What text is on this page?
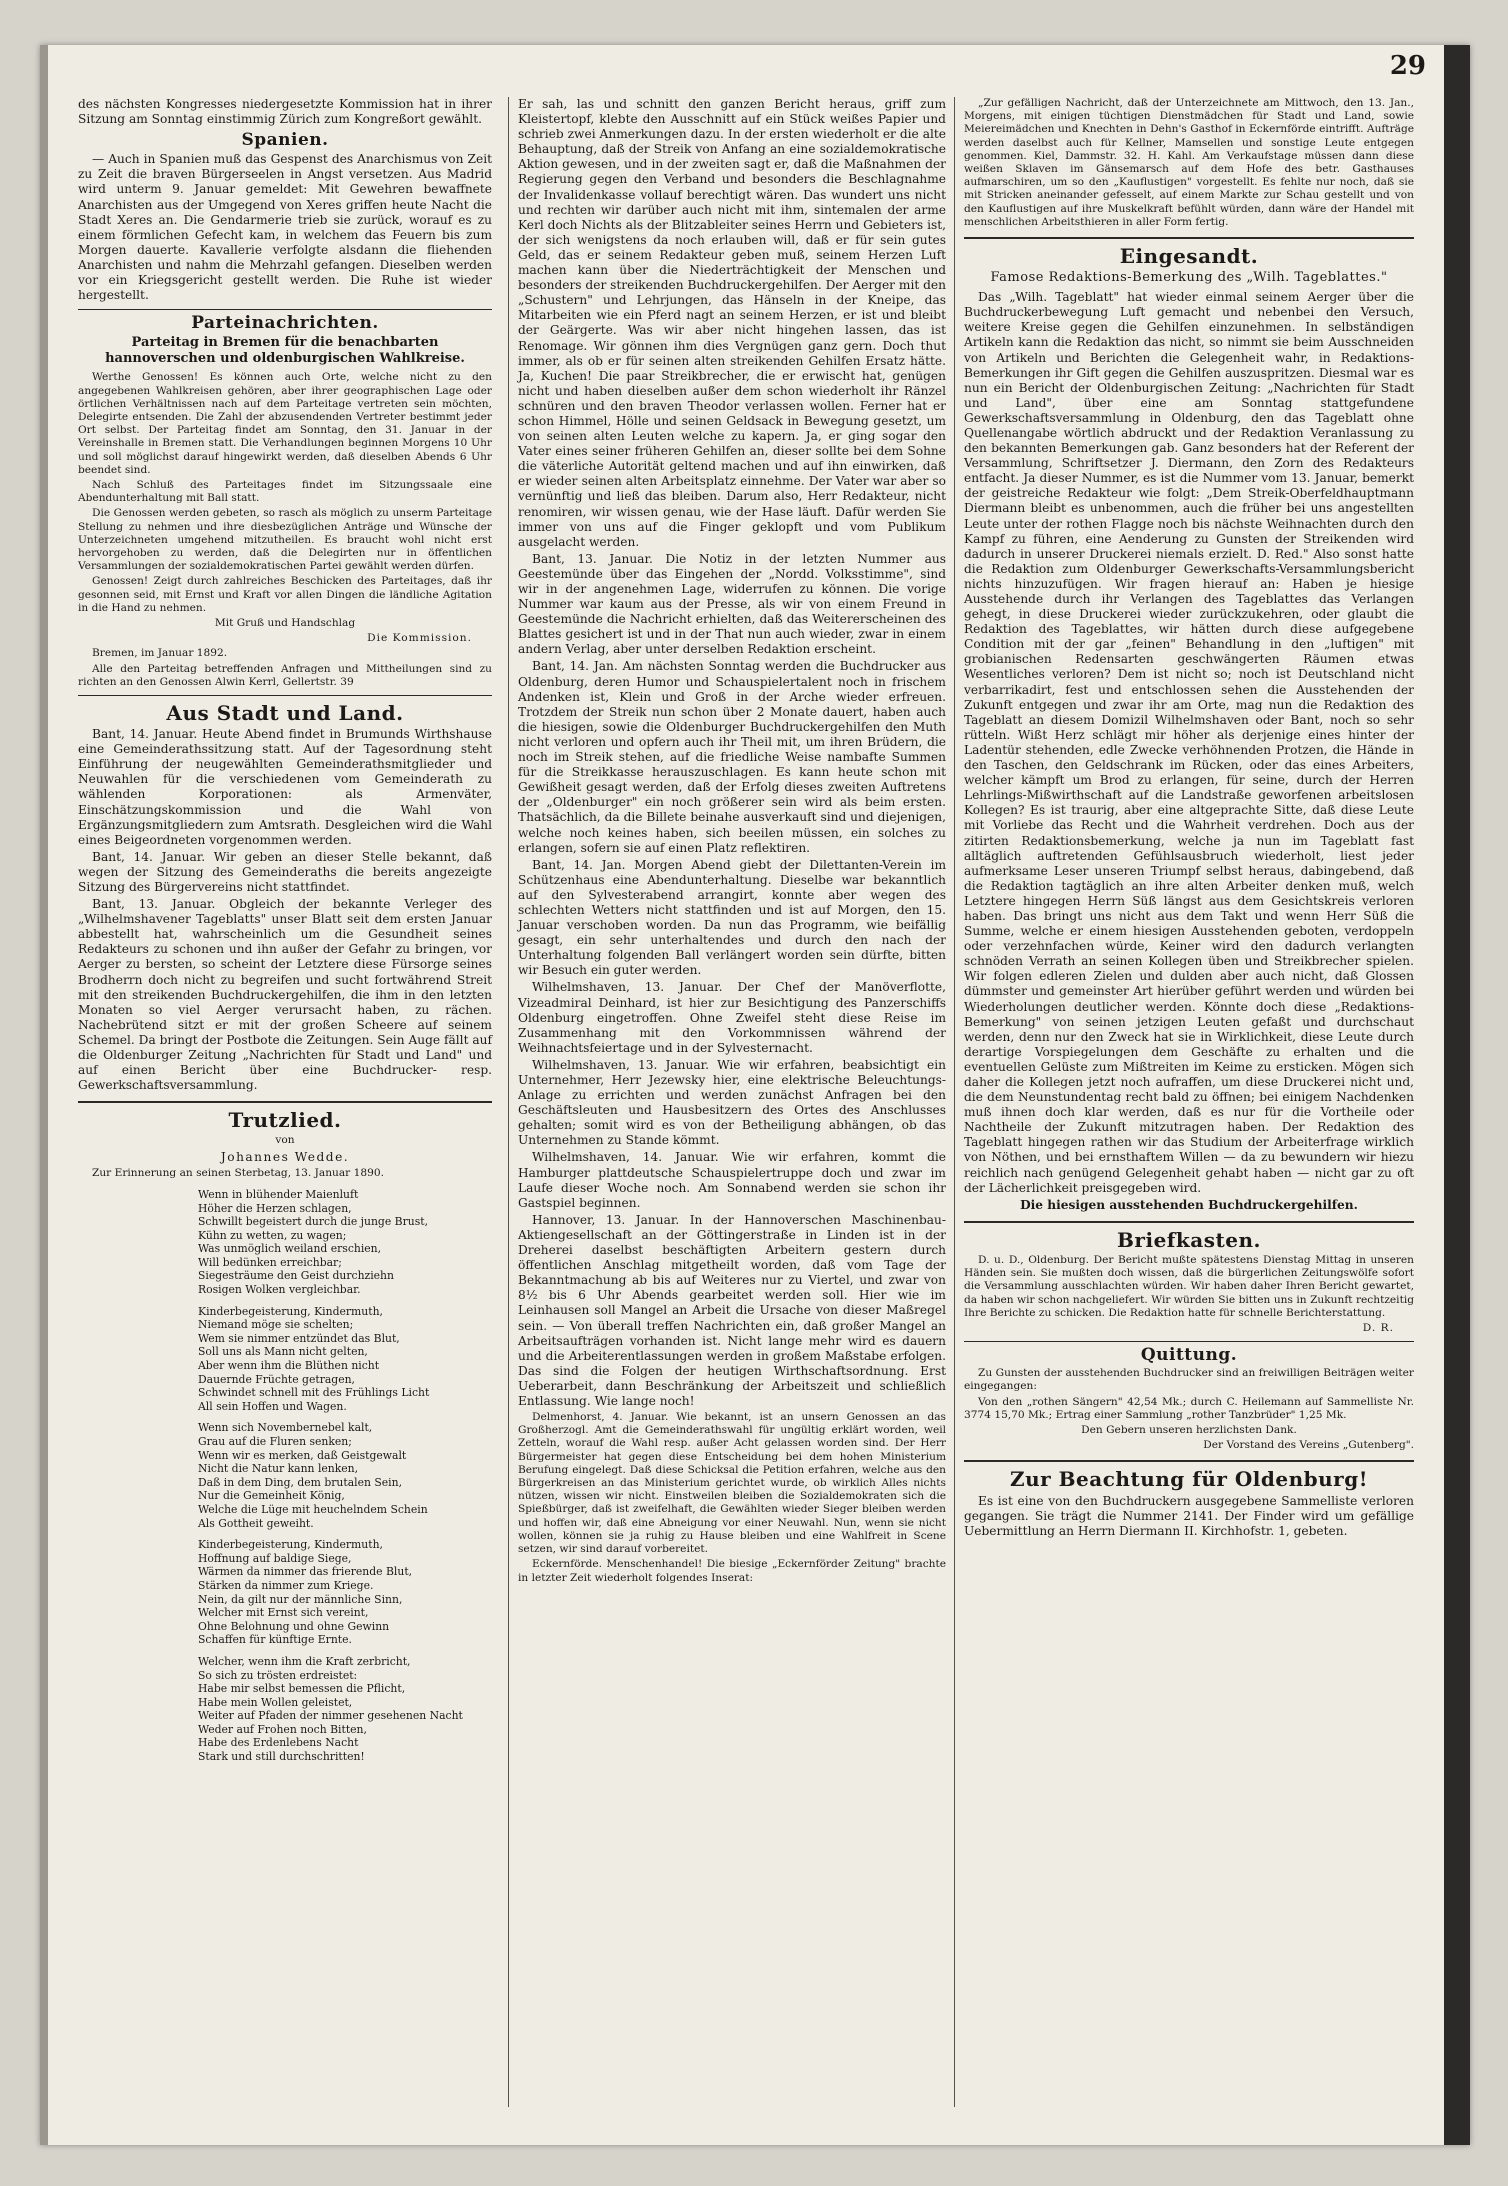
29

des nächsten Kongresses niedergesetzte Kommission hat in ihrer Sitzung am Sonntag einstimmig Zürich zum Kongreßort gewählt.

Spanien.

— Auch in Spanien muß das Gespenst des Anarchismus von Zeit zu Zeit die braven Bürgerseelen in Angst versetzen. Aus Madrid wird unterm 9. Januar gemeldet: Mit Gewehren bewaffnete Anarchisten aus der Umgegend von Xeres griffen heute Nacht die Stadt Xeres an. Die Gendarmerie trieb sie zurück, worauf es zu einem förmlichen Gefecht kam, in welchem das Feuern bis zum Morgen dauerte. Kavallerie verfolgte alsdann die fliehenden Anarchisten und nahm die Mehrzahl gefangen. Dieselben werden vor ein Kriegsgericht gestellt werden. Die Ruhe ist wieder hergestellt.

Parteinachrichten.
Parteitag in Bremen für die benachbarten hannoverschen und oldenburgischen Wahlkreise.

Werthe Genossen! Es können auch Orte, welche nicht zu den angegebenen Wahlkreisen gehören, aber ihrer geographischen Lage oder örtlichen Verhältnissen nach auf dem Parteitage vertreten sein möchten, Delegirte entsenden. Die Zahl der abzusendenden Vertreter bestimmt jeder Ort selbst. Der Parteitag findet am Sonntag, den 31. Januar in der Vereinshalle in Bremen statt. Die Verhandlungen beginnen Morgens 10 Uhr und soll möglichst darauf hingewirkt werden, daß dieselben Abends 6 Uhr beendet sind.

Nach Schluß des Parteitages findet im Sitzungssaale eine Abendunterhaltung mit Ball statt.

Die Genossen werden gebeten, so rasch als möglich zu unserm Parteitage Stellung zu nehmen und ihre diesbezüglichen Anträge und Wünsche der Unterzeichneten umgehend mitzutheilen. Es braucht wohl nicht erst hervorgehoben zu werden, daß die Delegirten nur in öffentlichen Versammlungen der sozialdemokratischen Partei gewählt werden dürfen.

Genossen! Zeigt durch zahlreiches Beschicken des Parteitages, daß ihr gesonnen seid, mit Ernst und Kraft vor allen Dingen die ländliche Agitation in die Hand zu nehmen.

Mit Gruß und Handschlag

Die Kommission.

Bremen, im Januar 1892.

Alle den Parteitag betreffenden Anfragen und Mittheilungen sind zu richten an den Genossen Alwin Kerrl, Gellertstr. 39

Aus Stadt und Land.

Bant, 14. Januar. Heute Abend findet in Brumunds Wirthshause eine Gemeinderathssitzung statt. Auf der Tagesordnung steht Einführung der neugewählten Gemeinderathsmitglieder und Neuwahlen für die verschiedenen vom Gemeinderath zu wählenden Korporationen: als Armenväter, Einschätzungskommission und die Wahl von Ergänzungsmitgliedern zum Amtsrath. Desgleichen wird die Wahl eines Beigeordneten vorgenommen werden.

Bant, 14. Januar. Wir geben an dieser Stelle bekannt, daß wegen der Sitzung des Gemeinderaths die bereits angezeigte Sitzung des Bürgervereins nicht stattfindet.

Bant, 13. Januar. Obgleich der bekannte Verleger des „Wilhelmshavener Tageblatts" unser Blatt seit dem ersten Januar abbestellt hat, wahrscheinlich um die Gesundheit seines Redakteurs zu schonen und ihn außer der Gefahr zu bringen, vor Aerger zu bersten, so scheint der Letztere diese Fürsorge seines Brodherrn doch nicht zu begreifen und sucht fortwährend Streit mit den streikenden Buchdruckergehilfen, die ihm in den letzten Monaten so viel Aerger verursacht haben, zu rächen. Nachebrütend sitzt er mit der großen Scheere auf seinem Schemel. Da bringt der Postbote die Zeitungen. Sein Auge fällt auf die Oldenburger Zeitung „Nachrichten für Stadt und Land" und auf einen Bericht über eine Buchdrucker- resp. Gewerkschaftsversammlung.

Trutzlied.

von

Johannes Wedde.

Zur Erinnerung an seinen Sterbetag, 13. Januar 1890.

Wenn in blühender Maienluft
Höher die Herzen schlagen,
Schwillt begeistert durch die junge Brust,
Kühn zu wetten, zu wagen;
Was unmöglich weiland erschien,
Will bedünken erreichbar;
Siegesträume den Geist durchziehn
Rosigen Wolken vergleichbar.
Kinderbegeisterung, Kindermuth,
Niemand möge sie schelten;
Wem sie nimmer entzündet das Blut,
Soll uns als Mann nicht gelten,
Aber wenn ihm die Blüthen nicht
Dauernde Früchte getragen,
Schwindet schnell mit des Frühlings Licht
All sein Hoffen und Wagen.
Wenn sich Novembernebel kalt,
Grau auf die Fluren senken;
Wenn wir es merken, daß Geistgewalt
Nicht die Natur kann lenken,
Daß in dem Ding, dem brutalen Sein,
Nur die Gemeinheit König,
Welche die Lüge mit heuchelndem Schein
Als Gottheit geweiht.
Kinderbegeisterung, Kindermuth,
Hoffnung auf baldige Siege,
Wärmen da nimmer das frierende Blut,
Stärken da nimmer zum Kriege.
Nein, da gilt nur der männliche Sinn,
Welcher mit Ernst sich vereint,
Ohne Belohnung und ohne Gewinn
Schaffen für künftige Ernte.
Welcher, wenn ihm die Kraft zerbricht,
So sich zu trösten erdreistet:
Habe mir selbst bemessen die Pflicht,
Habe mein Wollen geleistet,
Weiter auf Pfaden der nimmer gesehenen Nacht
Weder auf Frohen noch Bitten,
Habe des Erdenlebens Nacht
Stark und still durchschritten!

Er sah, las und schnitt den ganzen Bericht heraus, griff zum Kleistertopf, klebte den Ausschnitt auf ein Stück weißes Papier und schrieb zwei Anmerkungen dazu. In der ersten wiederholt er die alte Behauptung, daß der Streik von Anfang an eine sozialdemokratische Aktion gewesen, und in der zweiten sagt er, daß die Maßnahmen der Regierung gegen den Verband und besonders die Beschlagnahme der Invalidenkasse vollauf berechtigt wären. Das wundert uns nicht und rechten wir darüber auch nicht mit ihm, sintemalen der arme Kerl doch Nichts als der Blitzableiter seines Herrn und Gebieters ist, der sich wenigstens da noch erlauben will, daß er für sein gutes Geld, das er seinem Redakteur geben muß, seinem Herzen Luft machen kann über die Niederträchtigkeit der Menschen und besonders der streikenden Buchdruckergehilfen. Der Aerger mit den „Schustern" und Lehrjungen, das Hänseln in der Kneipe, das Mitarbeiten wie ein Pferd nagt an seinem Herzen, er ist und bleibt der Geärgerte. Was wir aber nicht hingehen lassen, das ist Renomage. Wir gönnen ihm dies Vergnügen ganz gern. Doch thut immer, als ob er für seinen alten streikenden Gehilfen Ersatz hätte. Ja, Kuchen! Die paar Streikbrecher, die er erwischt hat, genügen nicht und haben dieselben außer dem schon wiederholt ihr Ränzel schnüren und den braven Theodor verlassen wollen. Ferner hat er schon Himmel, Hölle und seinen Geldsack in Bewegung gesetzt, um von seinen alten Leuten welche zu kapern. Ja, er ging sogar den Vater eines seiner früheren Gehilfen an, dieser sollte bei dem Sohne die väterliche Autorität geltend machen und auf ihn einwirken, daß er wieder seinen alten Arbeitsplatz einnehme. Der Vater war aber so vernünftig und ließ das bleiben. Darum also, Herr Redakteur, nicht renomiren, wir wissen genau, wie der Hase läuft. Dafür werden Sie immer von uns auf die Finger geklopft und vom Publikum ausgelacht werden.

Bant, 13. Januar. Die Notiz in der letzten Nummer aus Geestemünde über das Eingehen der „Nordd. Volksstimme", sind wir in der angenehmen Lage, widerrufen zu können. Die vorige Nummer war kaum aus der Presse, als wir von einem Freund in Geestemünde die Nachricht erhielten, daß das Weitererscheinen des Blattes gesichert ist und in der That nun auch wieder, zwar in einem andern Verlag, aber unter derselben Redaktion erscheint.

Bant, 14. Jan. Am nächsten Sonntag werden die Buchdrucker aus Oldenburg, deren Humor und Schauspielertalent noch in frischem Andenken ist, Klein und Groß in der Arche wieder erfreuen. Trotzdem der Streik nun schon über 2 Monate dauert, haben auch die hiesigen, sowie die Oldenburger Buchdruckergehilfen den Muth nicht verloren und opfern auch ihr Theil mit, um ihren Brüdern, die noch im Streik stehen, auf die friedliche Weise nambafte Summen für die Streikkasse herauszuschlagen. Es kann heute schon mit Gewißheit gesagt werden, daß der Erfolg dieses zweiten Auftretens der „Oldenburger" ein noch größerer sein wird als beim ersten. Thatsächlich, da die Billete beinahe ausverkauft sind und diejenigen, welche noch keines haben, sich beeilen müssen, ein solches zu erlangen, sofern sie auf einen Platz reflektiren.

Bant, 14. Jan. Morgen Abend giebt der Dilettanten-Verein im Schützenhaus eine Abendunterhaltung. Dieselbe war bekanntlich auf den Sylvesterabend arrangirt, konnte aber wegen des schlechten Wetters nicht stattfinden und ist auf Morgen, den 15. Januar verschoben worden. Da nun das Programm, wie beifällig gesagt, ein sehr unterhaltendes und durch den nach der Unterhaltung folgenden Ball verlängert worden sein dürfte, bitten wir Besuch ein guter werden.

Wilhelmshaven, 13. Januar. Der Chef der Manöverflotte, Vizeadmiral Deinhard, ist hier zur Besichtigung des Panzerschiffs Oldenburg eingetroffen. Ohne Zweifel steht diese Reise im Zusammenhang mit den Vorkommnissen während der Weihnachtsfeiertage und in der Sylvesternacht.

Wilhelmshaven, 13. Januar. Wie wir erfahren, beabsichtigt ein Unternehmer, Herr Jezewsky hier, eine elektrische Beleuchtungs-Anlage zu errichten und werden zunächst Anfragen bei den Geschäftsleuten und Hausbesitzern des Ortes des Anschlusses gehalten; somit wird es von der Betheiligung abhängen, ob das Unternehmen zu Stande kömmt.

Wilhelmshaven, 14. Januar. Wie wir erfahren, kommt die Hamburger plattdeutsche Schauspielertruppe doch und zwar im Laufe dieser Woche noch. Am Sonnabend werden sie schon ihr Gastspiel beginnen.

Hannover, 13. Januar. In der Hannoverschen Maschinenbau-Aktiengesellschaft an der Göttingerstraße in Linden ist in der Dreherei daselbst beschäftigten Arbeitern gestern durch öffentlichen Anschlag mitgetheilt worden, daß vom Tage der Bekanntmachung ab bis auf Weiteres nur zu Viertel, und zwar von 8½ bis 6 Uhr Abends gearbeitet werden soll. Hier wie im Leinhausen soll Mangel an Arbeit die Ursache von dieser Maßregel sein. — Von überall treffen Nachrichten ein, daß großer Mangel an Arbeitsaufträgen vorhanden ist. Nicht lange mehr wird es dauern und die Arbeiterentlassungen werden in großem Maßstabe erfolgen. Das sind die Folgen der heutigen Wirthschaftsordnung. Erst Ueberarbeit, dann Beschränkung der Arbeitszeit und schließlich Entlassung. Wie lange noch!

Delmenhorst, 4. Januar. Wie bekannt, ist an unsern Genossen an das Großherzogl. Amt die Gemeinderathswahl für ungültig erklärt worden, weil Zetteln, worauf die Wahl resp. außer Acht gelassen worden sind. Der Herr Bürgermeister hat gegen diese Entscheidung bei dem hohen Ministerium Berufung eingelegt. Daß diese Schicksal die Petition erfahren, welche aus den Bürgerkreisen an das Ministerium gerichtet wurde, ob wirklich Alles nichts nützen, wissen wir nicht. Einstweilen bleiben die Sozialdemokraten sich die Spießbürger, daß ist zweifelhaft, die Gewählten wieder Sieger bleiben werden und hoffen wir, daß eine Abneigung vor einer Neuwahl. Nun, wenn sie nicht wollen, können sie ja ruhig zu Hause bleiben und eine Wahlfreit in Scene setzen, wir sind darauf vorbereitet.

Eckernförde. Menschenhandel! Die biesige „Eckernförder Zeitung" brachte in letzter Zeit wiederholt folgendes Inserat:

„Zur gefälligen Nachricht, daß der Unterzeichnete am Mittwoch, den 13. Jan., Morgens, mit einigen tüchtigen Dienstmädchen für Stadt und Land, sowie Meiereimädchen und Knechten in Dehn's Gasthof in Eckernförde eintrifft. Aufträge werden daselbst auch für Kellner, Mamsellen und sonstige Leute entgegen genommen. Kiel, Dammstr. 32. H. Kahl. Am Verkaufstage müssen dann diese weißen Sklaven im Gänsemarsch auf dem Hofe des betr. Gasthauses aufmarschiren, um so den „Kauflustigen" vorgestellt. Es fehlte nur noch, daß sie mit Stricken aneinander gefesselt, auf einem Markte zur Schau gestellt und von den Kauflustigen auf ihre Muskelkraft befühlt würden, dann wäre der Handel mit menschlichen Arbeitsthieren in aller Form fertig.

Eingesandt.
Famose Redaktions-Bemerkung des „Wilh. Tageblattes."

Das „Wilh. Tageblatt" hat wieder einmal seinem Aerger über die Buchdruckerbewegung Luft gemacht und nebenbei den Versuch, weitere Kreise gegen die Gehilfen einzunehmen. In selbständigen Artikeln kann die Redaktion das nicht, so nimmt sie beim Ausschneiden von Artikeln und Berichten die Gelegenheit wahr, in Redaktions-Bemerkungen ihr Gift gegen die Gehilfen auszuspritzen. Diesmal war es nun ein Bericht der Oldenburgischen Zeitung: „Nachrichten für Stadt und Land", über eine am Sonntag stattgefundene Gewerkschaftsversammlung in Oldenburg, den das Tageblatt ohne Quellenangabe wörtlich abdruckt und der Redaktion Veranlassung zu den bekannten Bemerkungen gab. Ganz besonders hat der Referent der Versammlung, Schriftsetzer J. Diermann, den Zorn des Redakteurs entfacht. Ja dieser Nummer, es ist die Nummer vom 13. Januar, bemerkt der geistreiche Redakteur wie folgt: „Dem Streik-Oberfeldhauptmann Diermann bleibt es unbenommen, auch die früher bei uns angestellten Leute unter der rothen Flagge noch bis nächste Weihnachten durch den Kampf zu führen, eine Aenderung zu Gunsten der Streikenden wird dadurch in unserer Druckerei niemals erzielt. D. Red." Also sonst hatte die Redaktion zum Oldenburger Gewerkschafts-Versammlungsbericht nichts hinzuzufügen. Wir fragen hierauf an: Haben je hiesige Ausstehende durch ihr Verlangen des Tageblattes das Verlangen gehegt, in diese Druckerei wieder zurückzukehren, oder glaubt die Redaktion des Tageblattes, wir hätten durch diese aufgegebene Condition mit der gar „feinen" Behandlung in den „luftigen" mit grobianischen Redensarten geschwängerten Räumen etwas Wesentliches verloren? Dem ist nicht so; noch ist Deutschland nicht verbarrikadirt, fest und entschlossen sehen die Ausstehenden der Zukunft entgegen und zwar ihr am Orte, mag nun die Redaktion des Tageblatt an diesem Domizil Wilhelmshaven oder Bant, noch so sehr rütteln. Wißt Herz schlägt mir höher als derjenige eines hinter der Ladentür stehenden, edle Zwecke verhöhnenden Protzen, die Hände in den Taschen, den Geldschrank im Rücken, oder das eines Arbeiters, welcher kämpft um Brod zu erlangen, für seine, durch der Herren Lehrlings-Mißwirthschaft auf die Landstraße geworfenen arbeitslosen Kollegen? Es ist traurig, aber eine altgeprachte Sitte, daß diese Leute mit Vorliebe das Recht und die Wahrheit verdrehen. Doch aus der zitirten Redaktionsbemerkung, welche ja nun im Tageblatt fast alltäglich auftretenden Gefühlsausbruch wiederholt, liest jeder aufmerksame Leser unseren Triumpf selbst heraus, dabingebend, daß die Redaktion tagtäglich an ihre alten Arbeiter denken muß, welch Letztere hingegen Herrn Süß längst aus dem Gesichtskreis verloren haben. Das bringt uns nicht aus dem Takt und wenn Herr Süß die Summe, welche er einem hiesigen Ausstehenden geboten, verdoppeln oder verzehnfachen würde, Keiner wird den dadurch verlangten schnöden Verrath an seinen Kollegen üben und Streikbrecher spielen. Wir folgen edleren Zielen und dulden aber auch nicht, daß Glossen dümmster und gemeinster Art hierüber geführt werden und würden bei Wiederholungen deutlicher werden. Könnte doch diese „Redaktions-Bemerkung" von seinen jetzigen Leuten gefaßt und durchschaut werden, denn nur den Zweck hat sie in Wirklichkeit, diese Leute durch derartige Vorspiegelungen dem Geschäfte zu erhalten und die eventuellen Gelüste zum Mißtreiten im Keime zu ersticken. Mögen sich daher die Kollegen jetzt noch aufraffen, um diese Druckerei nicht und, die dem Neunstundentag recht bald zu öffnen; bei einigem Nachdenken muß ihnen doch klar werden, daß es nur für die Vortheile oder Nachtheile der Zukunft mitzutragen haben. Der Redaktion des Tageblatt hingegen rathen wir das Studium der Arbeiterfrage wirklich von Nöthen, und bei ernsthaftem Willen — da zu bewundern wir hiezu reichlich nach genügend Gelegenheit gehabt haben — nicht gar zu oft der Lächerlichkeit preisgegeben wird.

Die hiesigen ausstehenden Buchdruckergehilfen.

Briefkasten.

D. u. D., Oldenburg. Der Bericht mußte spätestens Dienstag Mittag in unseren Händen sein. Sie mußten doch wissen, daß die bürgerlichen Zeitungswölfe sofort die Versammlung ausschlachten würden. Wir haben daher Ihren Bericht gewartet, da haben wir schon nachgeliefert. Wir würden Sie bitten uns in Zukunft rechtzeitig Ihre Berichte zu schicken. Die Redaktion hatte für schnelle Berichterstattung.

D. R.

Quittung.

Zu Gunsten der ausstehenden Buchdrucker sind an freiwilligen Beiträgen weiter eingegangen:

Von den „rothen Sängern" 42,54 Mk.; durch C. Heilemann auf Sammelliste Nr. 3774 15,70 Mk.; Ertrag einer Sammlung „rother Tanzbrüder" 1,25 Mk.

Den Gebern unseren herzlichsten Dank.

Der Vorstand des Vereins „Gutenberg".

Zur Beachtung für Oldenburg!

Es ist eine von den Buchdruckern ausgegebene Sammelliste verloren gegangen. Sie trägt die Nummer 2141. Der Finder wird um gefällige Uebermittlung an Herrn Diermann II. Kirchhofstr. 1, gebeten.
